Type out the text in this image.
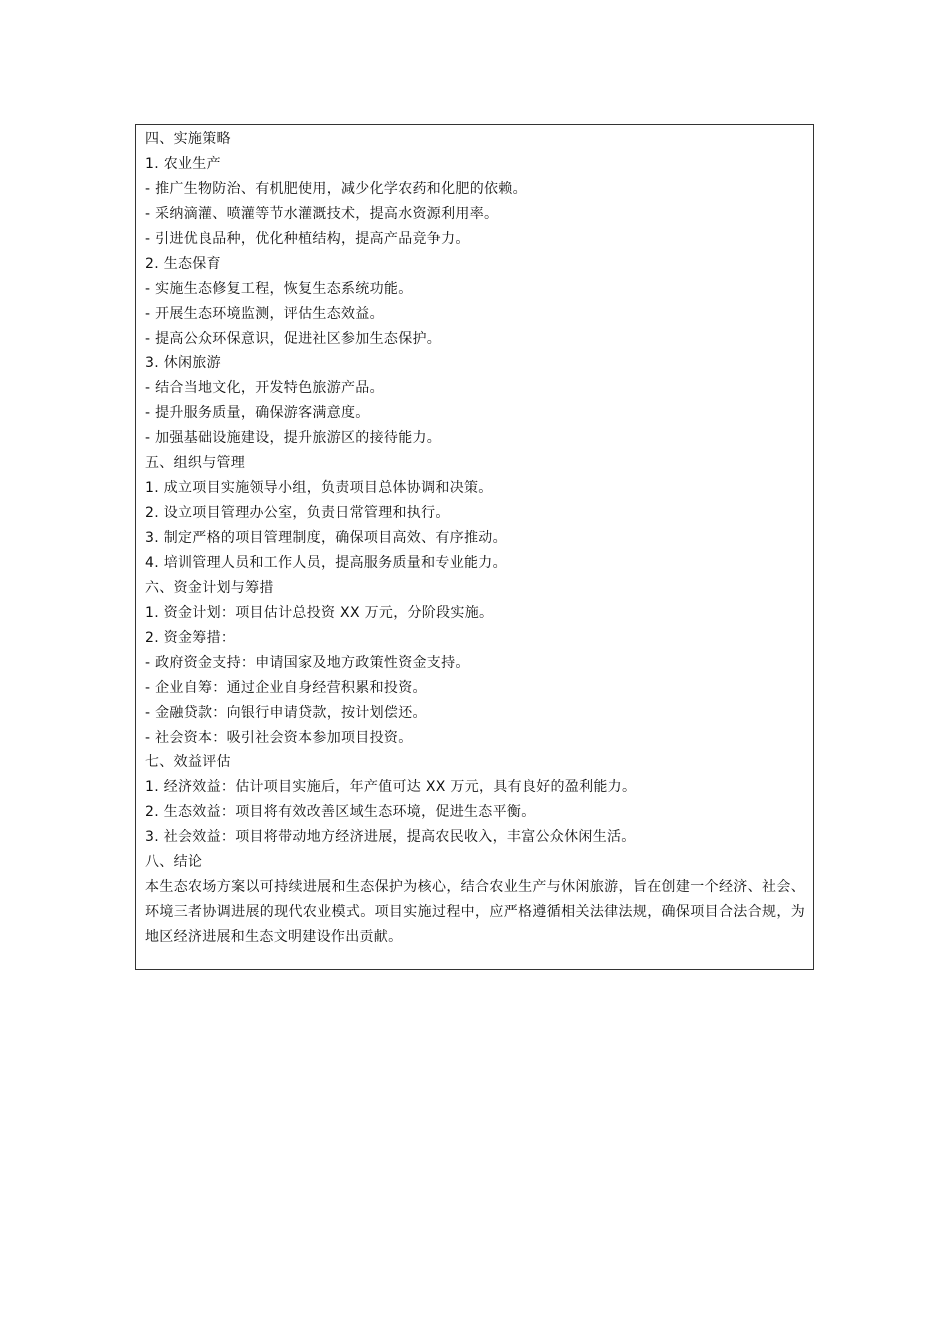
四、实施策略
1. 农业生产
- 推广生物防治、有机肥使用，减少化学农药和化肥的依赖。
- 采纳滴灌、喷灌等节水灌溉技术，提高水资源利用率。
- 引进优良品种，优化种植结构，提高产品竞争力。
2. 生态保育
- 实施生态修复工程，恢复生态系统功能。
- 开展生态环境监测，评估生态效益。
- 提高公众环保意识，促进社区参加生态保护。
3. 休闲旅游
- 结合当地文化，开发特色旅游产品。
- 提升服务质量，确保游客满意度。
- 加强基础设施建设，提升旅游区的接待能力。
五、组织与管理
1. 成立项目实施领导小组，负责项目总体协调和决策。
2. 设立项目管理办公室，负责日常管理和执行。
3. 制定严格的项目管理制度，确保项目高效、有序推动。
4. 培训管理人员和工作人员，提高服务质量和专业能力。
六、资金计划与筹措
1. 资金计划：项目估计总投资 XX 万元，分阶段实施。
2. 资金筹措：
- 政府资金支持：申请国家及地方政策性资金支持。
- 企业自筹：通过企业自身经营积累和投资。
- 金融贷款：向银行申请贷款，按计划偿还。
- 社会资本：吸引社会资本参加项目投资。
七、效益评估
1. 经济效益：估计项目实施后，年产值可达 XX 万元，具有良好的盈利能力。
2. 生态效益：项目将有效改善区域生态环境，促进生态平衡。
3. 社会效益：项目将带动地方经济进展，提高农民收入，丰富公众休闲生活。
八、结论
本生态农场方案以可持续进展和生态保护为核心，结合农业生产与休闲旅游，旨在创建一个经济、社会、环境三者协调进展的现代农业模式。项目实施过程中，应严格遵循相关法律法规，确保项目合法合规，为地区经济进展和生态文明建设作出贡献。
